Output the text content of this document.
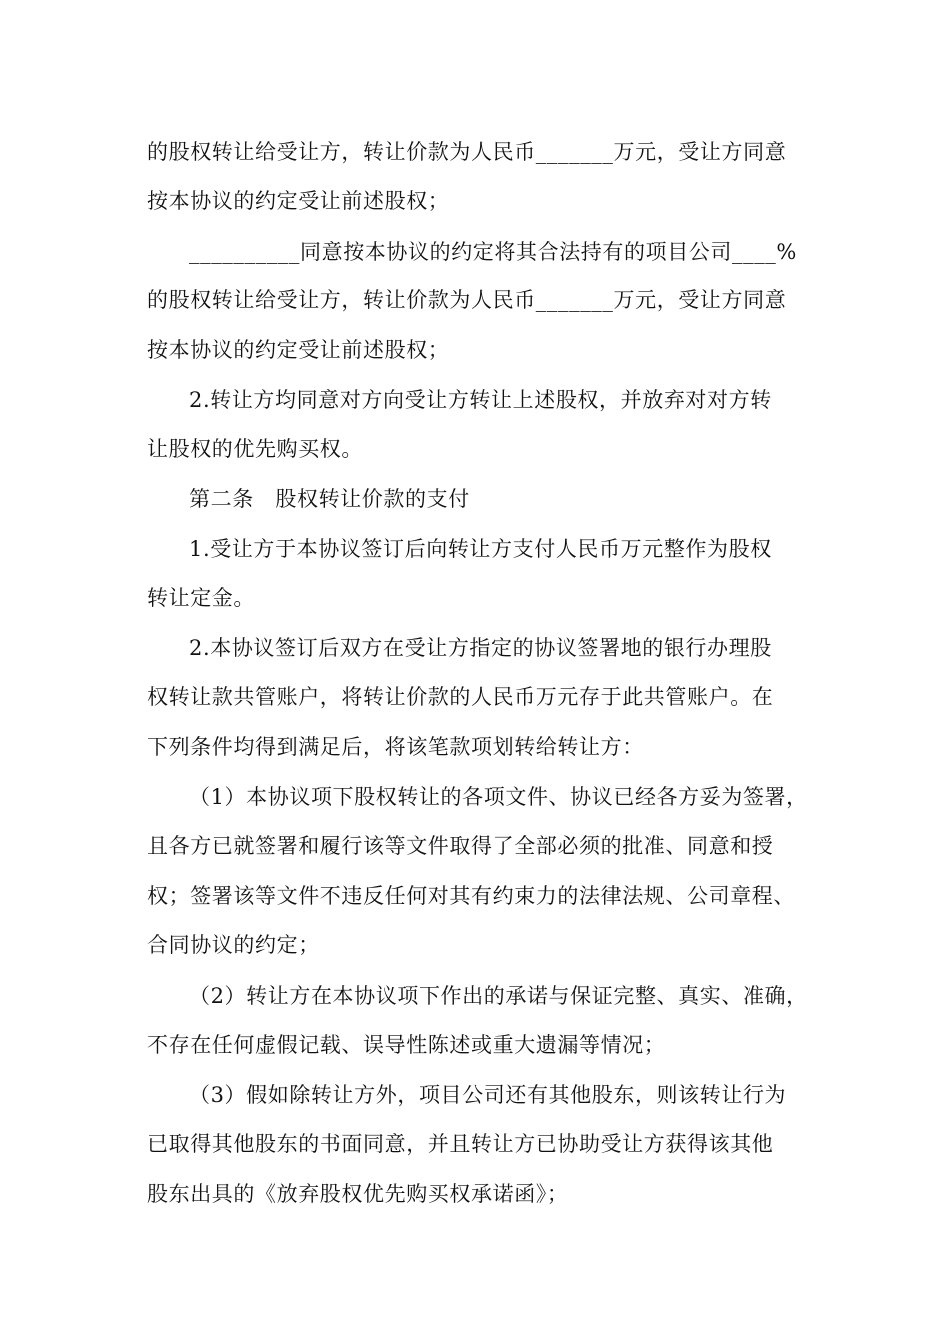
的股权转让给受让方，转让价款为人民币_______万元，受让方同意
按本协议的约定受让前述股权；
__________同意按本协议的约定将其合法持有的项目公司____%
的股权转让给受让方，转让价款为人民币_______万元，受让方同意
按本协议的约定受让前述股权；
2.转让方均同意对方向受让方转让上述股权，并放弃对对方转
让股权的优先购买权。
第二条　股权转让价款的支付
1.受让方于本协议签订后向转让方支付人民币万元整作为股权
转让定金。
2.本协议签订后双方在受让方指定的协议签署地的银行办理股
权转让款共管账户，将转让价款的人民币万元存于此共管账户。在
下列条件均得到满足后，将该笔款项划转给转让方：
（1）本协议项下股权转让的各项文件、协议已经各方妥为签署，
且各方已就签署和履行该等文件取得了全部必须的批准、同意和授
权；签署该等文件不违反任何对其有约束力的法律法规、公司章程、
合同协议的约定；
（2）转让方在本协议项下作出的承诺与保证完整、真实、准确，
不存在任何虚假记载、误导性陈述或重大遗漏等情况；
（3）假如除转让方外，项目公司还有其他股东，则该转让行为
已取得其他股东的书面同意，并且转让方已协助受让方获得该其他
股东出具的《放弃股权优先购买权承诺函》；
